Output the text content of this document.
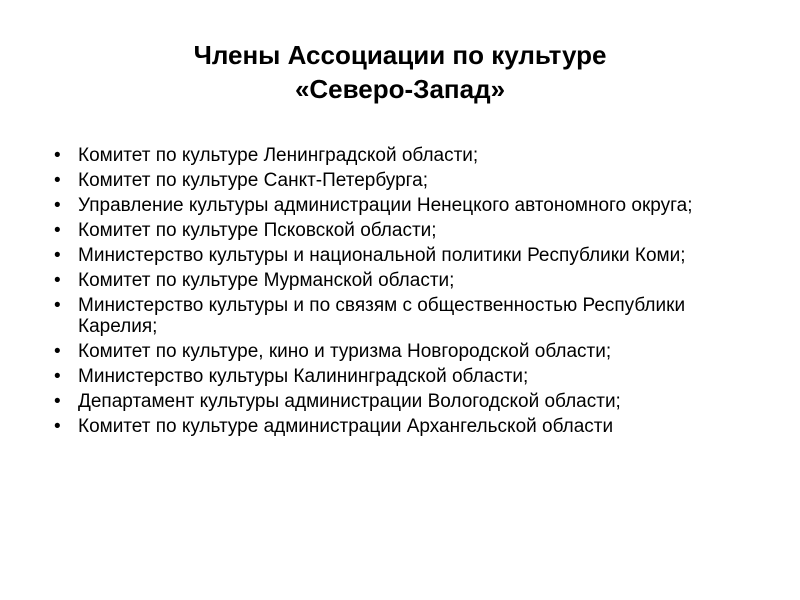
Члены Ассоциации по культуре
«Северо-Запад»
• Комитет по культуре Ленинградской области;
• Комитет по культуре Санкт-Петербурга;
• Управление культуры администрации Ненецкого автономного округа;
• Комитет по культуре Псковской области;
• Министерство культуры и национальной политики Республики Коми;
• Комитет по культуре Мурманской области;
• Министерство культуры и по связям с общественностью Республики Карелия;
• Комитет по культуре, кино и туризма Новгородской области;
• Министерство культуры Калининградской области;
• Департамент культуры администрации Вологодской области;
• Комитет по культуре администрации Архангельской области
